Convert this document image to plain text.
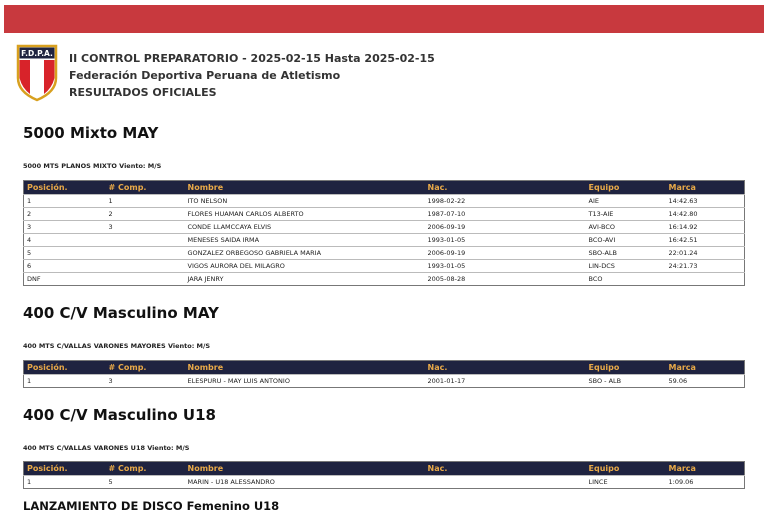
F.D.P.A. II CONTROL PREPARATORIO - 2025-02-15 Hasta 2025-02-15
Federación Deportiva Peruana de Atletismo
RESULTADOS OFICIALES
5000 Mixto MAY
5000 MTS PLANOS MIXTO Viento: M/S
Posición.	# Comp.	Nombre	Nac.	Equipo	Marca
1	1	ITO NELSON	1998-02-22	AIE	14:42.63
2	2	FLORES HUAMAN CARLOS ALBERTO	1987-07-10	T13-AIE	14:42.80
3	3	CONDE LLAMCCAYA ELVIS	2006-09-19	AVI-BCO	16:14.92
4		MENESES SAIDA IRMA	1993-01-05	BCO-AVI	16:42.51
5		GONZALEZ ORBEGOSO GABRIELA MARIA	2006-09-19	SBO-ALB	22:01.24
6		VIGOS AURORA DEL MILAGRO	1993-01-05	LIN-DCS	24:21.73
DNF		JARA JENRY	2005-08-28	BCO	
400 C/V Masculino MAY
400 MTS C/VALLAS VARONES MAYORES Viento: M/S
Posición.	# Comp.	Nombre	Nac.	Equipo	Marca
1	3	ELESPURU - MAY LUIS ANTONIO	2001-01-17	SBO - ALB	59.06
400 C/V Masculino U18
400 MTS C/VALLAS VARONES U18 Viento: M/S
Posición.	# Comp.	Nombre	Nac.	Equipo	Marca
1	5	MARIN - U18 ALESSANDRO		LINCE	1:09.06
LANZAMIENTO DE DISCO Femenino U18
